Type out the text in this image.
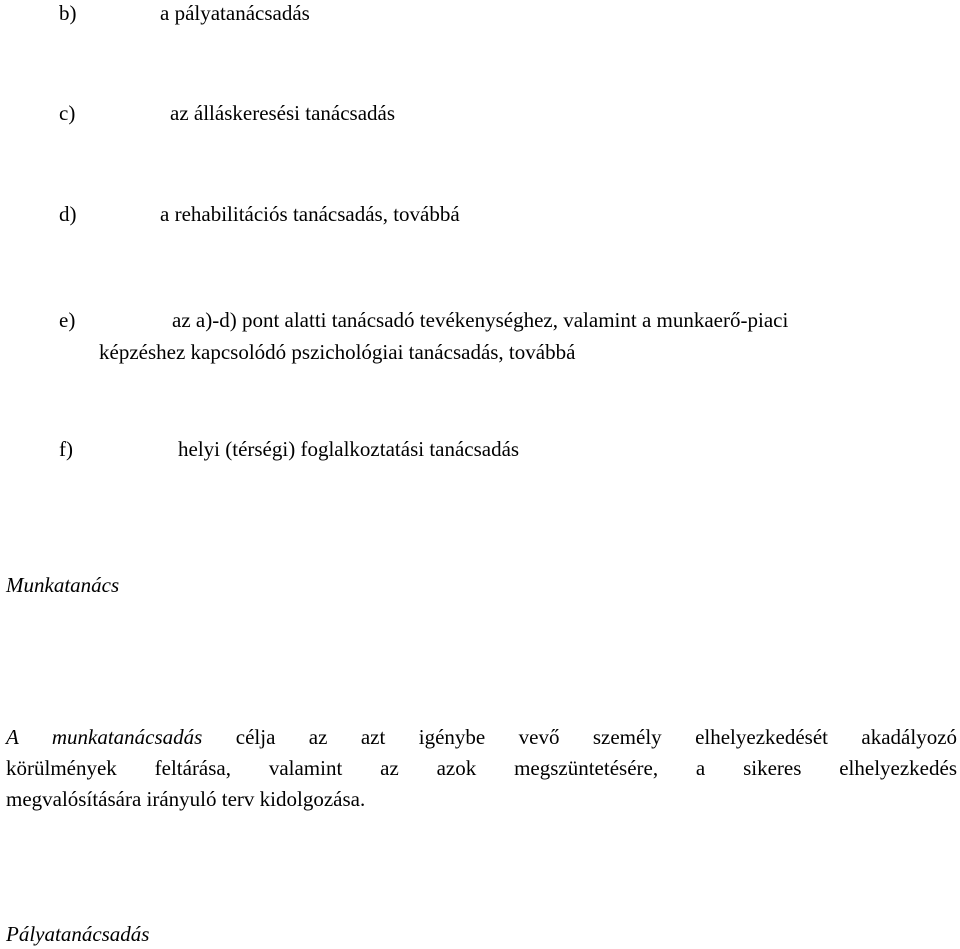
b)	a pályatanácsadás
c)	az álláskeresési tanácsadás
d)	a rehabilitációs tanácsadás, továbbá
e)	az a)-d) pont alatti tanácsadó tevékenységhez, valamint a munkaerő-piaci
képzéshez kapcsolódó pszichológiai tanácsadás, továbbá
f)	helyi (térségi) foglalkoztatási tanácsadás
Munkatanács
A munkatanácsadás célja az azt igénybe vevő személy elhelyezkedését akadályozó
körülmények feltárása, valamint az azok megszüntetésére, a sikeres elhelyezkedés
megvalósítására irányuló terv kidolgozása.
Pályatanácsadás
